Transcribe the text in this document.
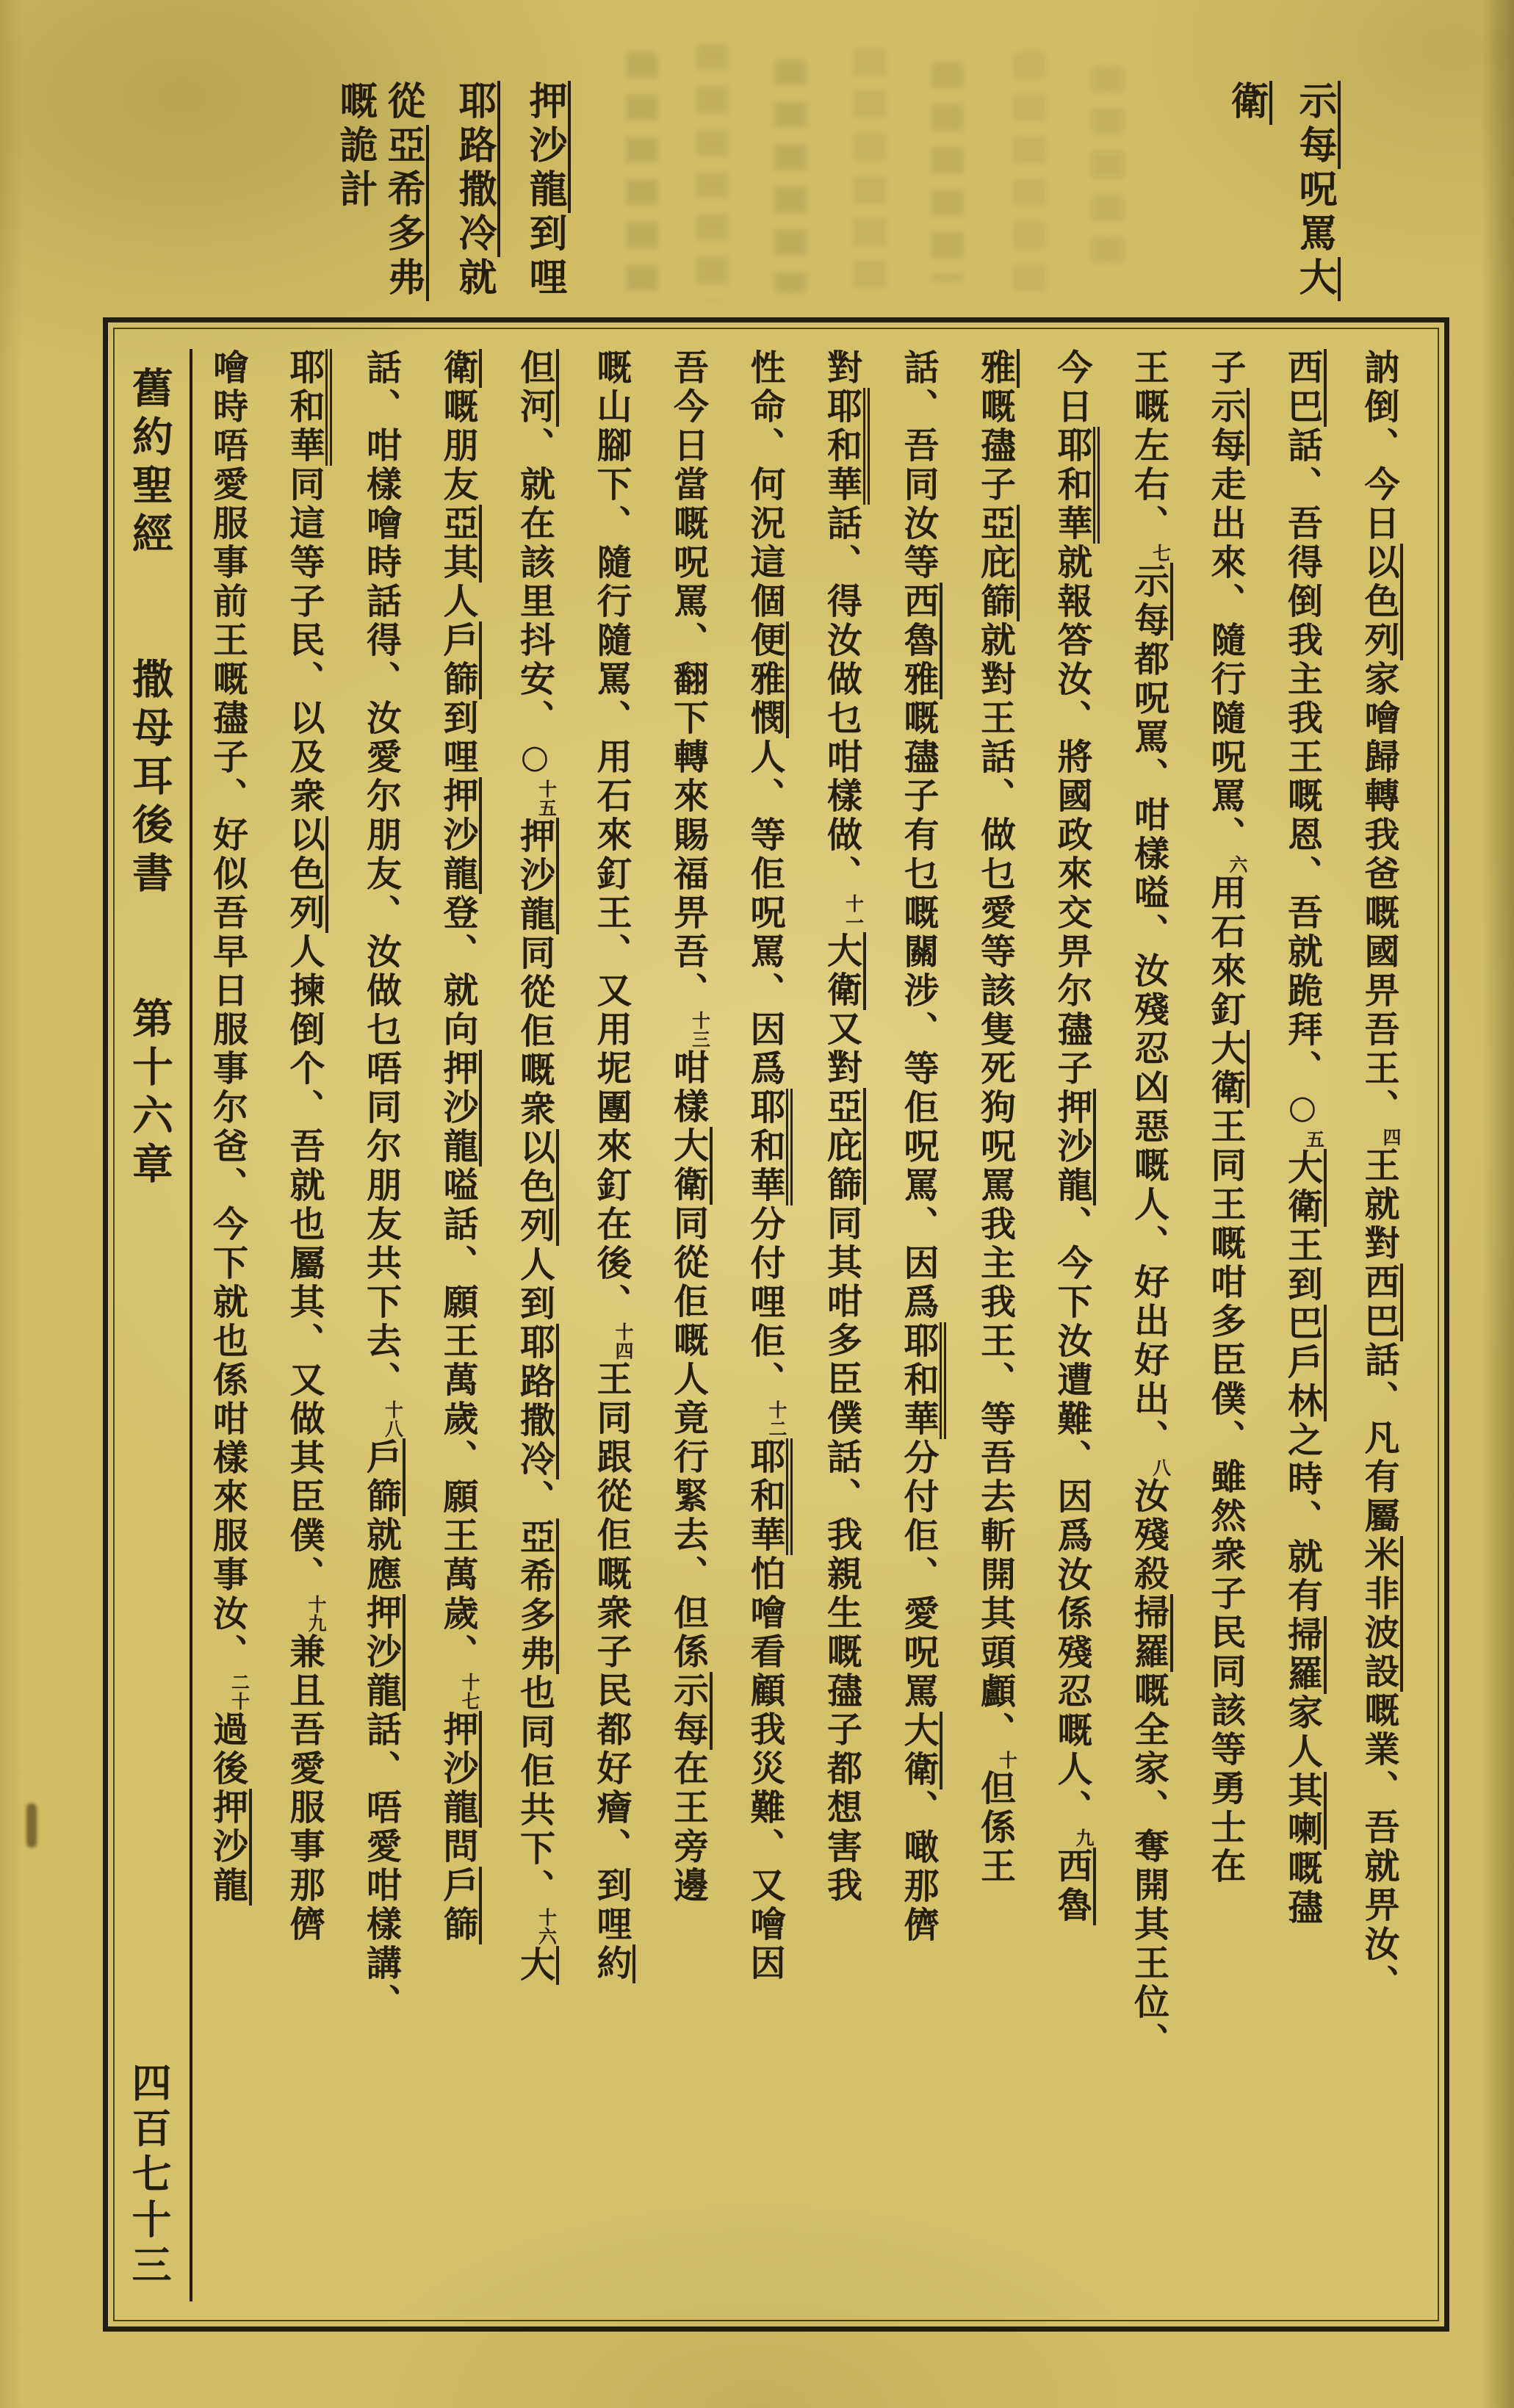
示每呪罵大
衛
押沙龍到哩
耶路撒冷就
從亞希多弗
嘅詭計
舊約聖經　　撒母耳後書　　第十六章
四百七十三
訥倒、今日以色列家噲歸轉我爸嘅國畀吾王、四王就對西巴話、凡有屬米非波設嘅業、吾就畀汝、
西巴話、吾得倒我主我王嘅恩、吾就跪拜、○五大衛王到巴戶林之時、就有掃羅家人其喇嘅孻
子示每走出來、隨行隨呪罵、六用石來釘大衛王同王嘅咁多臣僕、雖然衆子民同該等勇士在
王嘅左右、七示每都呪罵、咁樣嗌、汝殘忍凶惡嘅人、好出好出、八汝殘殺掃羅嘅全家、奪開其王位、
今日耶和華就報答汝、將國政來交畀尔孻子押沙龍、今下汝遭難、因爲汝係殘忍嘅人、九西魯
雅嘅孻子亞庇篩就對王話、做乜愛等該隻死狗呪罵我主我王、等吾去斬開其頭顱、十但係王
話、吾同汝等西魯雅嘅孻子有乜嘅關涉、等佢呪罵、因爲耶和華分付佢、愛呪罵大衛、噉那儕
對耶和華話、得汝做乜咁樣做、十一大衛又對亞庇篩同其咁多臣僕話、我親生嘅孻子都想害我
性命、何況這個便雅憫人、等佢呪罵、因爲耶和華分付哩佢、十二耶和華怕噲看顧我災難、又噲因
吾今日當嘅呪罵、翻下轉來賜福畀吾、十三咁樣大衛同從佢嘅人竟行緊去、但係示每在王旁邊
嘅山腳下、隨行隨罵、用石來釘王、又用坭團來釘在後、十四王同跟從佢嘅衆子民都好癐、到哩約
但河、就在該里抖安、○十五押沙龍同從佢嘅衆以色列人到耶路撒冷、亞希多弗也同佢共下、十六大
衛嘅朋友亞其人戶篩到哩押沙龍登、就向押沙龍嗌話、願王萬歲、願王萬歲、十七押沙龍問戶篩
話、咁樣噲時話得、汝愛尔朋友、汝做乜唔同尔朋友共下去、十八戶篩就應押沙龍話、唔愛咁樣講、
耶和華同這等子民、以及衆以色列人揀倒个、吾就也屬其、又做其臣僕、十九兼且吾愛服事那儕
噲時唔愛服事前王嘅孻子、好似吾早日服事尔爸、今下就也係咁樣來服事汝、二十過後押沙龍
